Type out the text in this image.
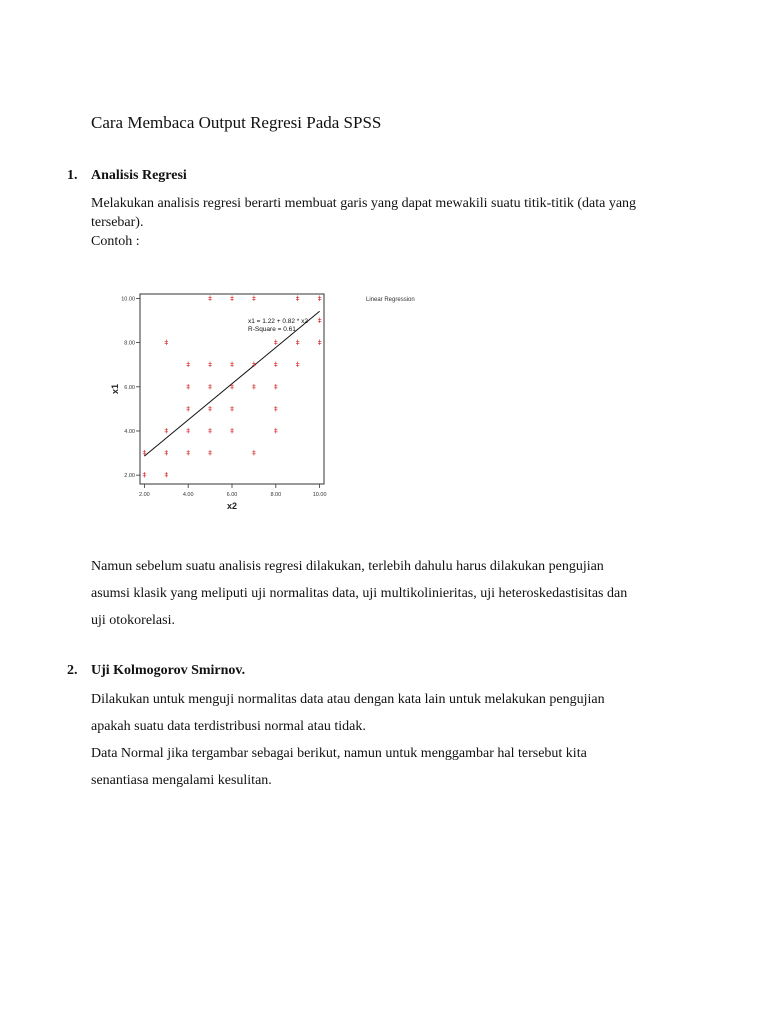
Cara Membaca Output Regresi Pada SPSS
1. Analisis Regresi
Melakukan analisis regresi berarti membuat garis yang dapat mewakili suatu titik-titik (data yang
tersebar).
Contoh :
2.00	4.00	6.00	8.00	10.00
2.00
4.00
6.00
8.00
10.00
x2
x1
ǂ
ǂ
ǂ
ǂ
ǂ
ǂ
ǂ
ǂ
ǂ
ǂ
ǂ
ǂ
ǂ
ǂ
ǂ
ǂ
ǂ
ǂ
ǂ
ǂ
ǂ
ǂ
ǂ
ǂ
ǂ
ǂ
ǂ
ǂ
ǂ
ǂ
ǂ
ǂ
ǂ
ǂ
ǂ
ǂ
ǂ
x1 = 1.22 + 0.82 * x2
R-Square = 0.61
Linear Regression
Namun sebelum suatu analisis regresi dilakukan, terlebih dahulu harus dilakukan pengujian
asumsi klasik yang meliputi uji normalitas data, uji multikolinieritas, uji heteroskedastisitas dan
uji otokorelasi.
2. Uji Kolmogorov Smirnov.
Dilakukan untuk menguji normalitas data atau dengan kata lain untuk melakukan pengujian
apakah suatu data terdistribusi normal atau tidak.
Data Normal jika tergambar sebagai berikut, namun untuk menggambar hal tersebut kita
senantiasa mengalami kesulitan.
